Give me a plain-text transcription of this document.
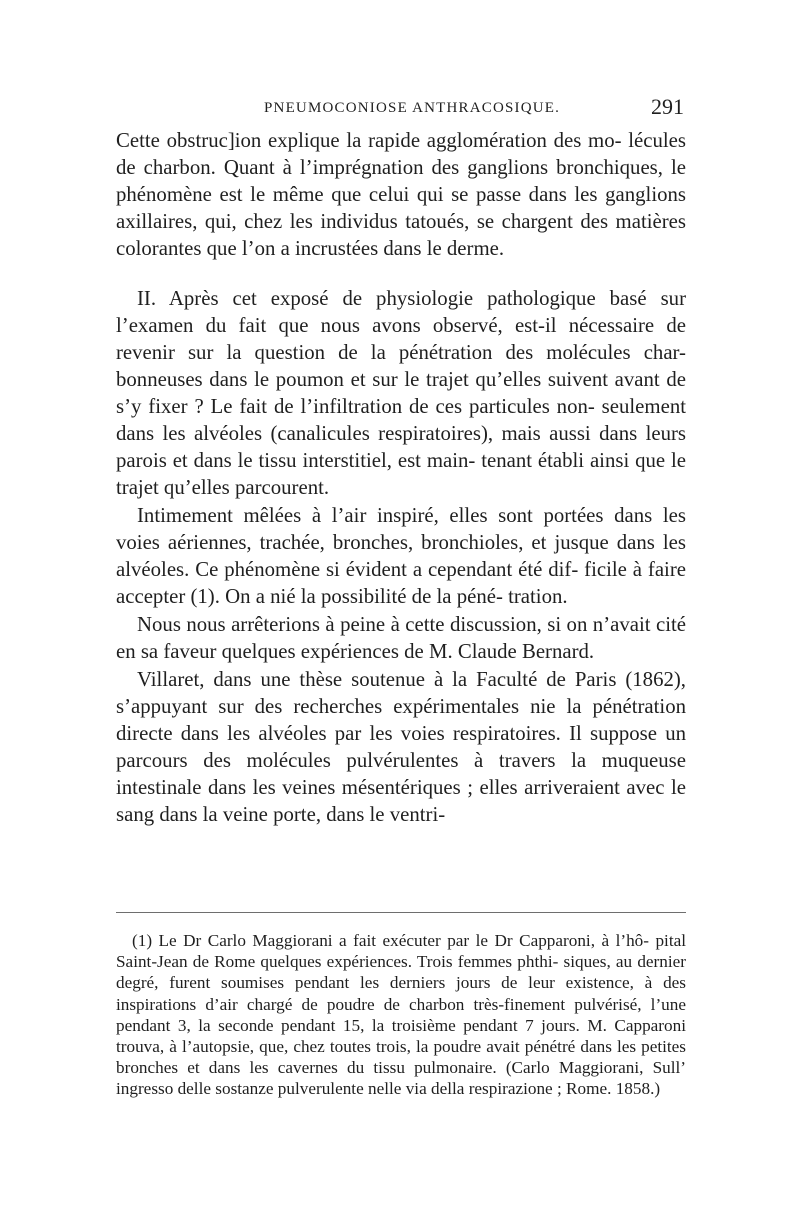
PNEUMOCONIOSE ANTHRACOSIQUE.	291

Cette obstruc]ion explique la rapide agglomération des mo- lécules de charbon. Quant à l’imprégnation des ganglions bronchiques, le phénomène est le même que celui qui se passe dans les ganglions axillaires, qui, chez les individus tatoués, se chargent des matières colorantes que l’on a incrustées dans le derme.

II. Après cet exposé de physiologie pathologique basé sur l’examen du fait que nous avons observé, est-il nécessaire de revenir sur la question de la pénétration des molécules char- bonneuses dans le poumon et sur le trajet qu’elles suivent avant de s’y fixer ? Le fait de l’infiltration de ces particules non- seulement dans les alvéoles (canalicules respiratoires), mais aussi dans leurs parois et dans le tissu interstitiel, est main- tenant établi ainsi que le trajet qu’elles parcourent.

Intimement mêlées à l’air inspiré, elles sont portées dans les voies aériennes, trachée, bronches, bronchioles, et jusque dans les alvéoles. Ce phénomène si évident a cependant été dif- ficile à faire accepter (1). On a nié la possibilité de la péné- tration.

Nous nous arrêterions à peine à cette discussion, si on n’avait cité en sa faveur quelques expériences de M. Claude Bernard.

Villaret, dans une thèse soutenue à la Faculté de Paris (1862), s’appuyant sur des recherches expérimentales nie la pénétration directe dans les alvéoles par les voies respiratoires. Il suppose un parcours des molécules pulvérulentes à travers la muqueuse intestinale dans les veines mésentériques ; elles arriveraient avec le sang dans la veine porte, dans le ventri-

(1) Le Dr Carlo Maggiorani a fait exécuter par le Dr Capparoni, à l’hô- pital Saint-Jean de Rome quelques expériences. Trois femmes phthi- siques, au dernier degré, furent soumises pendant les derniers jours de leur existence, à des inspirations d’air chargé de poudre de charbon très-finement pulvérisé, l’une pendant 3, la seconde pendant 15, la troisième pendant 7 jours. M. Capparoni trouva, à l’autopsie, que, chez toutes trois, la poudre avait pénétré dans les petites bronches et dans les cavernes du tissu pulmonaire. (Carlo Maggiorani, Sull’ ingresso delle sostanze pulverulente nelle via della respirazione ; Rome. 1858.)
